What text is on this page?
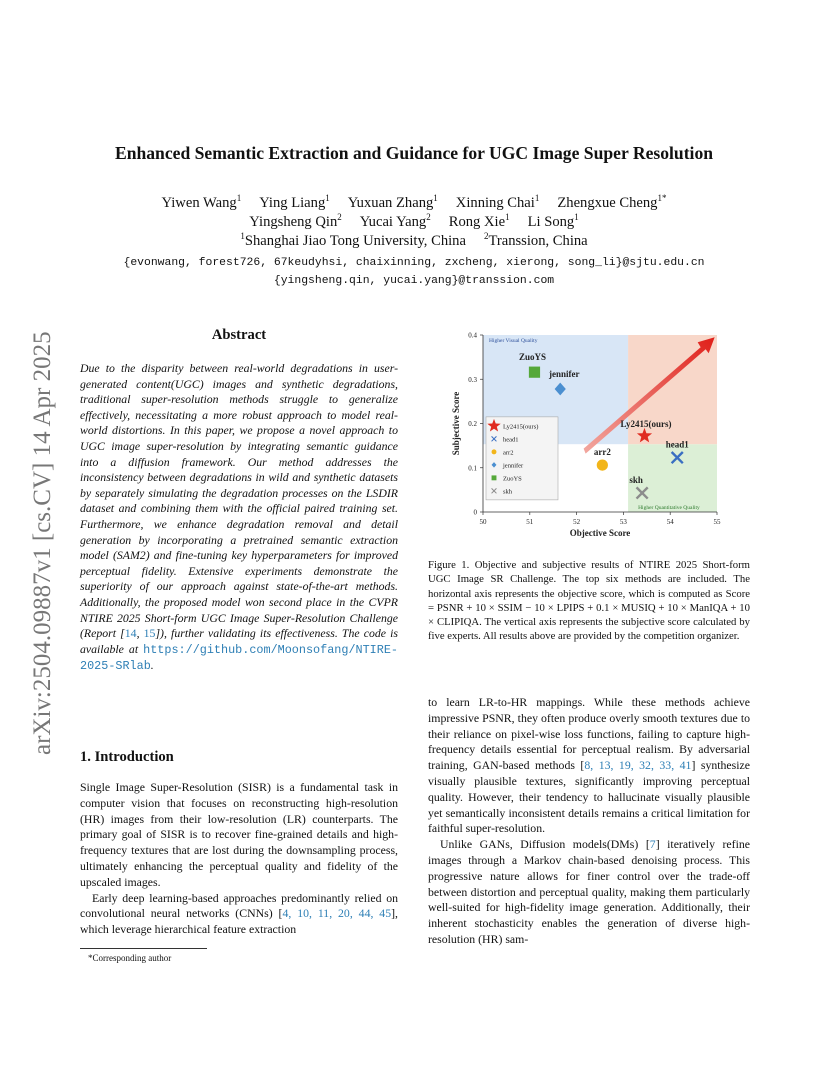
arXiv:2504.09887v1 [cs.CV] 14 Apr 2025
Enhanced Semantic Extraction and Guidance for UGC Image Super Resolution
Yiwen Wang$^1$ Ying Liang$^1$ Yuxuan Zhang$^1$ Xinning Chai$^1$ Zhengxue Cheng$^{1*}$
Yingsheng Qin$^2$ Yucai Yang$^2$ Rong Xie$^1$ Li Song$^1$
$^1$Shanghai Jiao Tong University, China $^2$Transsion, China
{evonwang, forest726, 67keudyhsi, chaixinning, zxcheng, xierong, song_li}@sjtu.edu.cn
{yingsheng.qin, yucai.yang}@transsion.com
Abstract
Due to the disparity between real-world degradations in user-generated content(UGC) images and synthetic degradations, traditional super-resolution methods struggle to generalize effectively, necessitating a more robust approach to model real-world distortions. In this paper, we propose a novel approach to UGC image super-resolution by integrating semantic guidance into a diffusion framework. Our method addresses the inconsistency between degradations in wild and synthetic datasets by separately simulating the degradation processes on the LSDIR dataset and combining them with the official paired training set. Furthermore, we enhance degradation removal and detail generation by incorporating a pretrained semantic extraction model (SAM2) and fine-tuning key hyperparameters for improved perceptual fidelity. Extensive experiments demonstrate the superiority of our approach against state-of-the-art methods. Additionally, the proposed model won second place in the CVPR NTIRE 2025 Short-form UGC Image Super-Resolution Challenge (Report [14, 15]), further validating its effectiveness. The code is available at https://github.com/Moonsofang/NTIRE-2025-SRlab.
1. Introduction

Single Image Super-Resolution (SISR) is a fundamental task in computer vision that focuses on reconstructing high-resolution (HR) images from their low-resolution (LR) counterparts. The primary goal of SISR is to recover fine-grained details and high-frequency textures that are lost during the downsampling process, ultimately enhancing the perceptual quality and fidelity of the upscaled images.

Early deep learning-based approaches predominantly relied on convolutional neural networks (CNNs) [4, 10, 11, 20, 44, 45], which leverage hierarchical feature extraction

*Corresponding author
Higher Visual Quality
Higher Quantitative Quality
50	51	52	53	54	55
0
0.1
0.2
0.3
0.4
Objective Score
Subjective Score	Ly2415(ours)
head1
arr2
jennifer
ZuoYS
skh
Ly2415(ours)
head1
arr2
jennifer
ZuoYS
skh
Figure 1. Objective and subjective results of NTIRE 2025 Short-form UGC Image SR Challenge. The top six methods are included. The horizontal axis represents the objective score, which is computed as Score = PSNR + 10 × SSIM − 10 × LPIPS + 0.1 × MUSIQ + 10 × ManIQA + 10 × CLIPIQA. The vertical axis represents the subjective score calculated by five experts. All results above are provided by the competition organizer.

to learn LR-to-HR mappings. While these methods achieve impressive PSNR, they often produce overly smooth textures due to their reliance on pixel-wise loss functions, failing to capture high-frequency details essential for perceptual realism. By adversarial training, GAN-based methods [8, 13, 19, 32, 33, 41] synthesize visually plausible textures, significantly improving perceptual quality. However, their tendency to hallucinate visually plausible yet semantically inconsistent details remains a critical limitation for faithful super-resolution.

Unlike GANs, Diffusion models(DMs) [7] iteratively refine images through a Markov chain-based denoising process. This progressive nature allows for finer control over the trade-off between distortion and perceptual quality, making them particularly well-suited for high-fidelity image generation. Additionally, their inherent stochasticity enables the generation of diverse high-resolution (HR) sam-
